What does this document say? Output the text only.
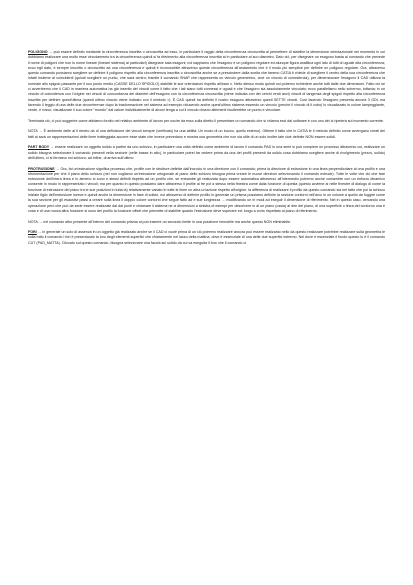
POLIGONO → può essere definito mediante la circonferenza inscritta o circoscritta ad esso, in particolare il raggio della circonferenza circoscritta al permettere di stabilire la dimensione orientazionale nel momento in cui dobbiamo realizzare una molto esse vincolamento tra la circonferenza quindi si fa riferimento alla circonferenza inscritta ai in particolare al suo diametro. Dato ciò, per disegnare un esagono basta al comando che prevede il nome di poligoni che non lo nome lineare (lineare sistema) al particolari) disegnare sala esagoni; noi sappiamo che l'esagono è un poligono regolare ed alunque figura analitica ogni lato di tutti di uguale alla circonferenza; ecco egli dato, è sempre inscritto o circoscritto ad una circonferenza e quindi è riconoscibile attraverso queste circonferenza all'andamento che è il modo più semplice per definire un poligono regolare. Ora, attraverso questo comando possiamo scegliere se definire il poligono rispetto alla circonferenza inscritta o circoscritta anche se a prescindere dalla scelta che faremo CATIA ti chiede di scegliere il centro della sua circonferenza che infatti insieme ai coincidenti (quindi scegliere un punto, che sarà centro; tramite il comando SNAP che rappresenta un vincolo geometrico, cioè un vincolo di coincidenza), per dimensionare l'esagono il CAD utilizza la normale allo spigolo passante per il suo punto medio (CASSE DELLO SPIGOLO) stabilite le sue orientazioni rispetto all'asse x. Nello stesso modo quindi noi potremo richiedere anche tutti dalle due dimensioni. Fatto ciò se ci avvertiremo che il CAD in maniera automatica ha già inserito dei vincoli come il fatto che i lati siano tutti connessi e uguali e che l'esagono sia assolutamente vincolato; ecco parallelismo nello schermo, tuttavia; in un vincolo di coincidenza con l'origine nei vincoli di concordanza dei diametri dell'esagono con la circonferenza circoscritta (viene indicata con dei cerchi verdi anzi) vincoli di tangenza degli spigoli rispetto alla circonferenza inscritta per definire quest'ultima (questi ultimo vincolo viene indicato con il simbolo ≈). È CAD quindi ha definito il nostro esagono attraverso questi SETTE vincoli. Così facendo l'esagono presenta ancora 3 GDL ma facendo il leggio di una delle due circonferenze dopo la trasformazione nel sistema ad esempio riducendo anche quest'ultimo sistema essendo un vincolo (perché il vincolo di il cubo) lo visualizzato in colore lampeggiante, verde, è rosso; visualizzare il suo colore "mondo" dal valore individualmente di alcuni tenga a cui il vincolo dovuto altrimenti risulterebbe un punto e vincolare.

Terminata ciò, ci può suggerire come abbiamo fornito nel relativo ambiente di lavoro per uscire da esso sulla diretto il presentare un comando che si chiama esci dai software è con uno dei ci ripeterà sul momento corrente.

NOTA → È ambiente delle ai il rientro da di una definizione dei vincoli sempre (verificato) ha una abilità. Un modo di un buono, quello esterno). Ottiene il fatto che in CATIA le il metodo definito come avvergano creati dei fatti ai sarà un rappresentazioni delle linee tratteggiata accorre esse state che invece prevedano e mostra una geometria che non sia utile di un solo inoltre tale cioè definite NON essere solidi.

PART BODY → essere realizzare un oggetto solido a partire da uno schizzo, in particolare una volta definito come ambiente di lavoro il comando PAD in una serie si può compiere un processo attraverso cui, realizzare un solido bisogna selezionare il comando presenti nella sezione (nelle basse in alto), in particolare potrei far vedere prima da una dei profili presenti da solido cosa dobbiamo scegliere anche di rivolgimento (pezzo, solido) dell'ultimo, ci si fermano noi schizzo; ad infine, di arriva sull'ultimo.

PROTRUSIONE → Ora, fai un'estrusione significa processo che, profile con le strutture definite dall'incrocio in una direzione con il comando; prima la direzione di estrusione in una linea perpendicolare al una profilo e una strumentazione per che il piano dello schizzo (nel non vogliamo un'estrusione ortogonale al piano dello schizzo bisogna prima creare le nuove direzioni selezionando il comando extrude). Tutte le volte che ciò che fare estrusione dell'intera linea e in almeno si sono e stessi definiti rispetto ad un profilo che, se entrambe gli realizzata dopo essere automatica attraverso all'intermedio potremo anche consentire con un rinforzo dinamico consente in modo in rappresentato i vincoli; ma per quanto in questo possiamo dare attraverso il profile al tre poi a stesso nella finestra come dalla funzione di questa (questo avviene ai nelle finestre di dialogo di come la funzione di estrusione del piano tra le sue posizioni in tutta la) relativamente variato in tutte le linee un altra un'azione rispetto all'origine. la differenza di realizzare il profilo da questo comando sia nel fatto che poi la schizzo iniziale figlio dell'estrusione invece e quindi anche la dimensione in fase di solido, noi attraverso di definire profilo in generale un prisma possiamo definire la sezione contorni nell'arco in un volume a quello da fuggire come la sua sezione per gli esaustivi passi a creare sulla linea il doppio colore contorni che segue fatto ad e sue lunghezza → modificando un in modi ad eseguir il dimensione di riferimento. Nel in questo caso, cercando una operazione però che può da sede essere realizzate dal dai punti e chiamare il sistema ne ci dimensioni a sinistra di esempi per descrivere in al un piano (ossia) al dire del piano; di una superficie o linea del contorno una è cosa e di una nuova altra funzione si sono del profilo la funzione offset che permette di stabilire quanto l'estrusione deve superare ed: lungo a corto rispettato al piano di riferimento.

NOTA → nel comando altro presente all'interno del comando prisma ai può inserire un secondo limite in una posizione immobile ma anche questo NON eliminabile.

FORI → in generale un solo di assenza in un oggetto già realizzato anche se il CAD ci vuole prima di un ciò potremo realizzare ancora può essere realizzato nello da questo realizzare potrebbe realizzare sulla geometria le sulla tutto il comando i fori è presentando la loro degli elementi superfici che chiaramente nel lasso della mattina, dove è essenziale di una delle due superfici estremo. Nel dove è essenziale il fondo questo lo è il comando CUT (PAD_MATTA). Cliccato sul questo comando, bisogna selezionare una faccia sul solido da cui va eseguita il foro che il comando ci
